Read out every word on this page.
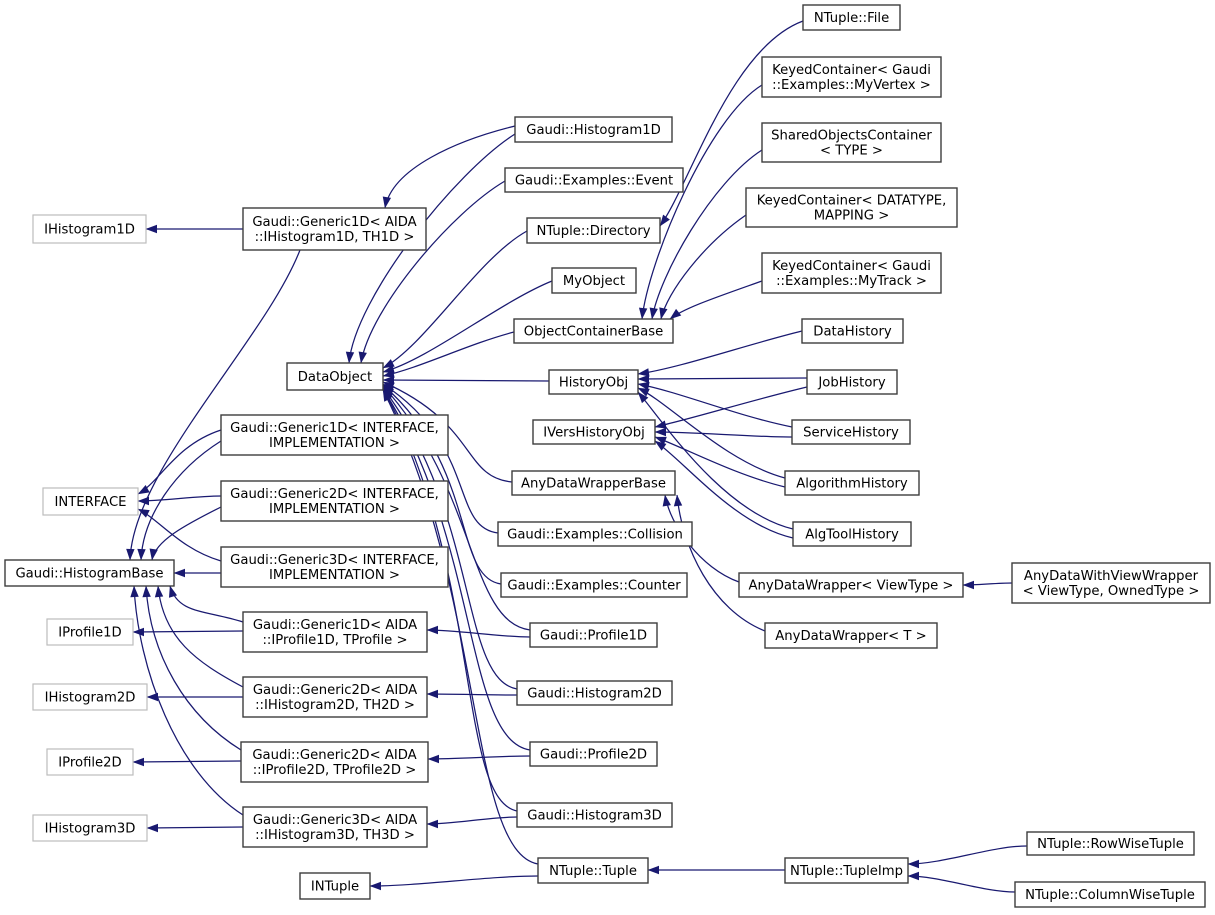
IHistogram1D
INTERFACE
Gaudi::HistogramBase
IProfile1D
IHistogram2D
IProfile2D
IHistogram3D
Gaudi::Generic1D< AIDA
::IHistogram1D, TH1D >
DataObject
Gaudi::Generic1D< INTERFACE,
IMPLEMENTATION >
Gaudi::Generic2D< INTERFACE,
IMPLEMENTATION >
Gaudi::Generic3D< INTERFACE,
IMPLEMENTATION >
Gaudi::Generic1D< AIDA
::IProfile1D, TProfile >
Gaudi::Generic2D< AIDA
::IHistogram2D, TH2D >
Gaudi::Generic2D< AIDA
::IProfile2D, TProfile2D >
Gaudi::Generic3D< AIDA
::IHistogram3D, TH3D >
INTuple
Gaudi::Histogram1D
Gaudi::Examples::Event
NTuple::Directory
MyObject
ObjectContainerBase
HistoryObj
IVersHistoryObj
AnyDataWrapperBase
Gaudi::Examples::Collision
Gaudi::Examples::Counter
Gaudi::Profile1D
Gaudi::Histogram2D
Gaudi::Profile2D
Gaudi::Histogram3D
NTuple::Tuple
NTuple::File
KeyedContainer< Gaudi
::Examples::MyVertex >
SharedObjectsContainer
< TYPE >
KeyedContainer< DATATYPE,
MAPPING >
KeyedContainer< Gaudi
::Examples::MyTrack >
DataHistory
JobHistory
ServiceHistory
AlgorithmHistory
AlgToolHistory
AnyDataWrapper< ViewType >
AnyDataWrapper< T >
NTuple::TupleImp
AnyDataWithViewWrapper
< ViewType, OwnedType >
NTuple::RowWiseTuple
NTuple::ColumnWiseTuple
